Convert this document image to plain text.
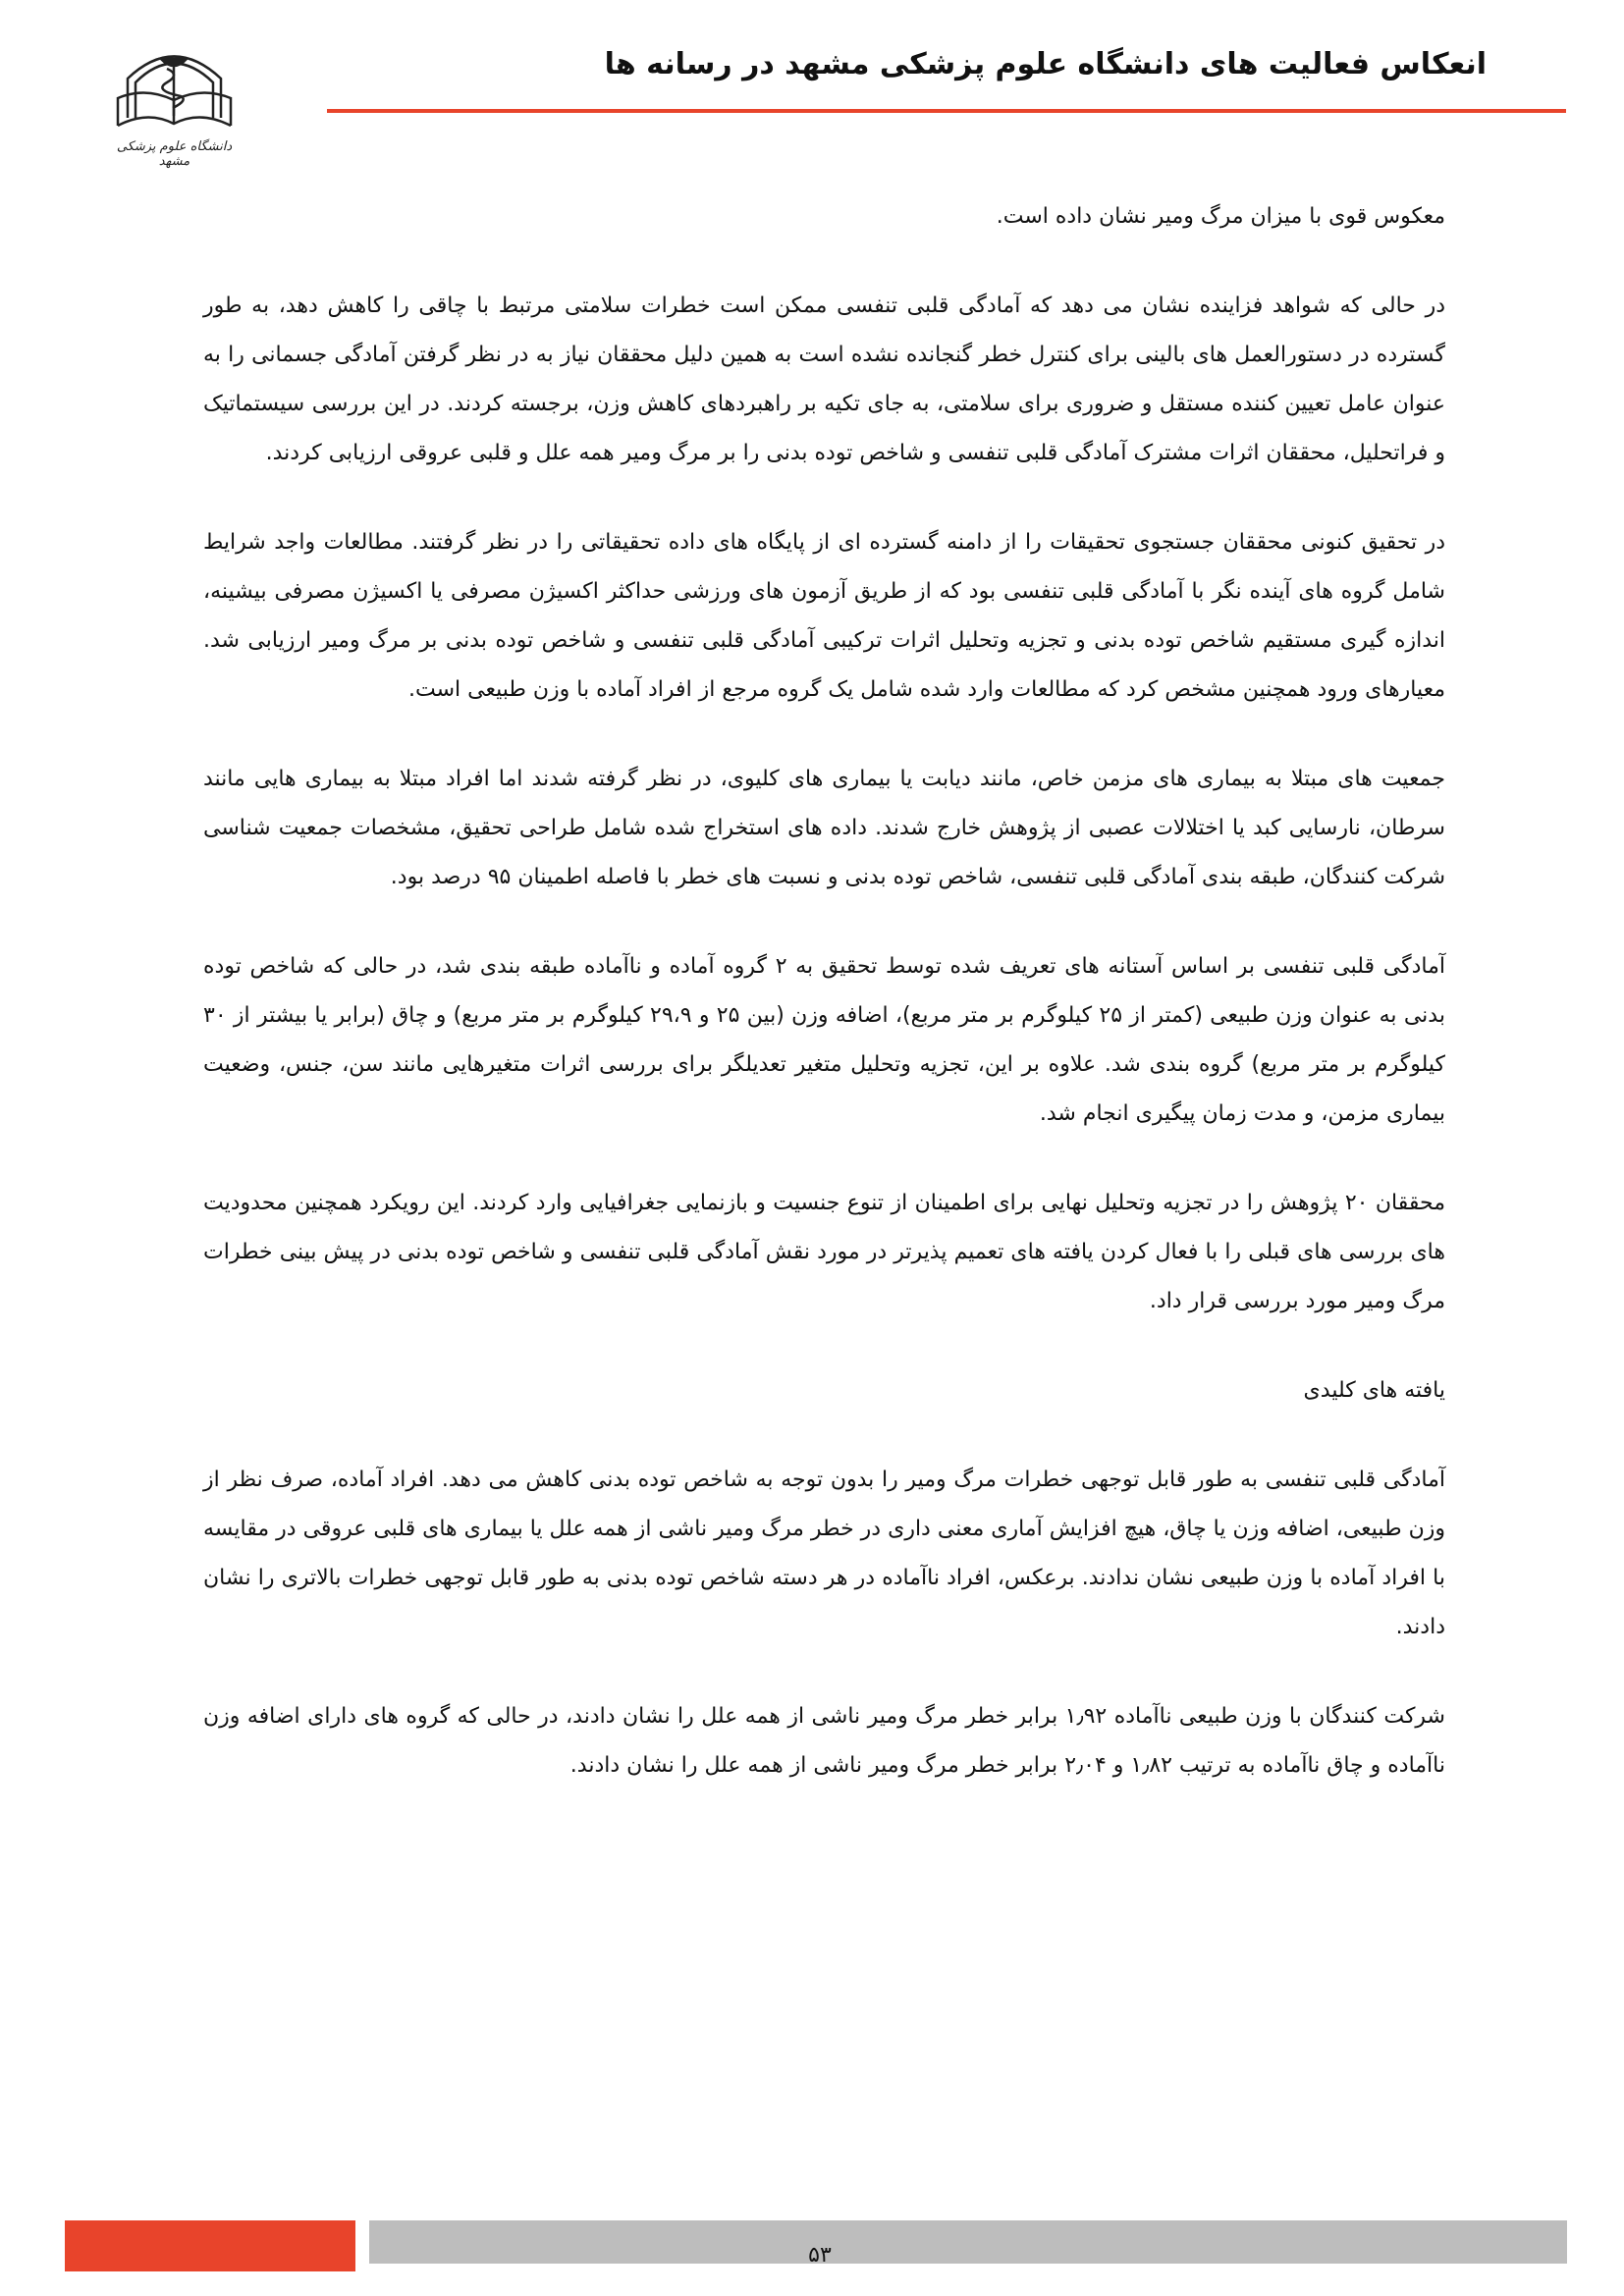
انعکاس فعالیت های دانشگاه علوم پزشکی مشهد در رسانه ها
دانشگاه علوم پزشکی مشهد

معکوس قوی با میزان مرگ ومیر نشان داده است.

در حالی که شواهد فزاینده نشان می دهد که آمادگی قلبی تنفسی ممکن است خطرات سلامتی مرتبط با چاقی را کاهش دهد، به طور گسترده در دستورالعمل های بالینی برای کنترل خطر گنجانده نشده است به همین دلیل محققان نیاز به در نظر گرفتن آمادگی جسمانی را به عنوان عامل تعیین کننده مستقل و ضروری برای سلامتی، به جای تکیه بر راهبردهای کاهش وزن، برجسته کردند. در این بررسی سیستماتیک و فراتحلیل، محققان اثرات مشترک آمادگی قلبی تنفسی و شاخص توده بدنی را بر مرگ ومیر همه علل و قلبی عروقی ارزیابی کردند.

در تحقیق کنونی محققان جستجوی تحقیقات را از دامنه گسترده ای از پایگاه های داده تحقیقاتی را در نظر گرفتند. مطالعات واجد شرایط شامل گروه های آینده نگر با آمادگی قلبی تنفسی بود که از طریق آزمون های ورزشی حداکثر اکسیژن مصرفی یا اکسیژن مصرفی بیشینه، اندازه گیری مستقیم شاخص توده بدنی و تجزیه وتحلیل اثرات ترکیبی آمادگی قلبی تنفسی و شاخص توده بدنی بر مرگ ومیر ارزیابی شد. معیارهای ورود همچنین مشخص کرد که مطالعات وارد شده شامل یک گروه مرجع از افراد آماده با وزن طبیعی است.

جمعیت های مبتلا به بیماری های مزمن خاص، مانند دیابت یا بیماری های کلیوی، در نظر گرفته شدند اما افراد مبتلا به بیماری هایی مانند سرطان، نارسایی کبد یا اختلالات عصبی از پژوهش خارج شدند. داده های استخراج شده شامل طراحی تحقیق، مشخصات جمعیت شناسی شرکت کنندگان، طبقه بندی آمادگی قلبی تنفسی، شاخص توده بدنی و نسبت های خطر با فاصله اطمینان ۹۵ درصد بود.

آمادگی قلبی تنفسی بر اساس آستانه های تعریف شده توسط تحقیق به ۲ گروه آماده و ناآماده طبقه بندی شد، در حالی که شاخص توده بدنی به عنوان وزن طبیعی (کمتر از ۲۵ کیلوگرم بر متر مربع)، اضافه وزن (بین ۲۵ و ۲۹،۹ کیلوگرم بر متر مربع) و چاق (برابر یا بیشتر از ۳۰ کیلوگرم بر متر مربع) گروه بندی شد. علاوه بر این، تجزیه وتحلیل متغیر تعدیلگر برای بررسی اثرات متغیرهایی مانند سن، جنس، وضعیت بیماری مزمن، و مدت زمان پیگیری انجام شد.

محققان ۲۰ پژوهش را در تجزیه وتحلیل نهایی برای اطمینان از تنوع جنسیت و بازنمایی جغرافیایی وارد کردند. این رویکرد همچنین محدودیت های بررسی های قبلی را با فعال کردن یافته های تعمیم پذیرتر در مورد نقش آمادگی قلبی تنفسی و شاخص توده بدنی در پیش بینی خطرات مرگ ومیر مورد بررسی قرار داد.

یافته های کلیدی

آمادگی قلبی تنفسی به طور قابل توجهی خطرات مرگ ومیر را بدون توجه به شاخص توده بدنی کاهش می دهد. افراد آماده، صرف نظر از وزن طبیعی، اضافه وزن یا چاق، هیچ افزایش آماری معنی داری در خطر مرگ ومیر ناشی از همه علل یا بیماری های قلبی عروقی در مقایسه با افراد آماده با وزن طبیعی نشان ندادند. برعکس، افراد ناآماده در هر دسته شاخص توده بدنی به طور قابل توجهی خطرات بالاتری را نشان دادند.

شرکت کنندگان با وزن طبیعی ناآماده ۱٫۹۲ برابر خطر مرگ ومیر ناشی از همه علل را نشان دادند، در حالی که گروه های دارای اضافه وزن ناآماده و چاق ناآماده به ترتیب ۱٫۸۲ و ۲٫۰۴ برابر خطر مرگ ومیر ناشی از همه علل را نشان دادند.

۵۳
